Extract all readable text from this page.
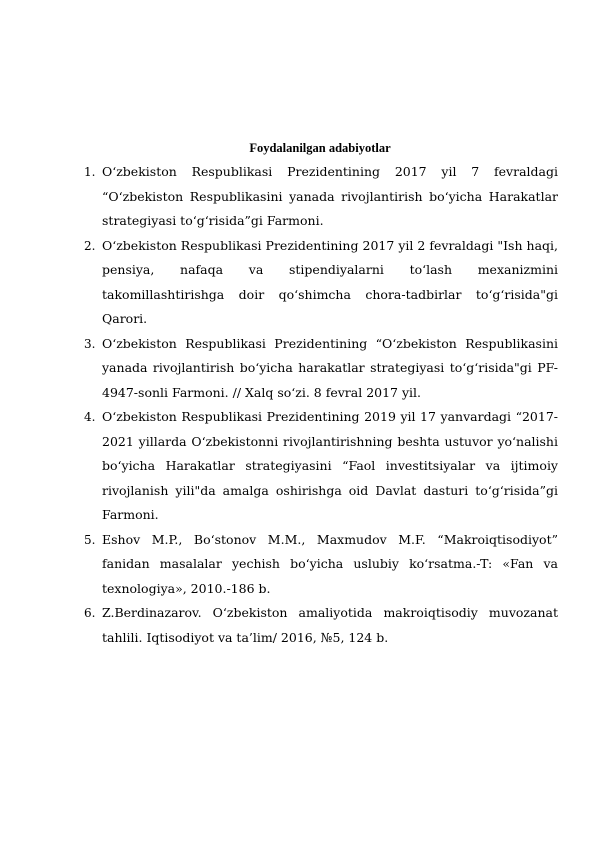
Foydalanilgan adabiyotlar
1. O‘zbekiston Respublikasi Prezidentining 2017 yil 7 fevraldagi “O‘zbekiston Respublikasini yanada rivojlantirish bo‘yicha Harakatlar strategiyasi to‘g‘risida”gi Farmoni.
2. O‘zbekiston Respublikasi Prezidentining 2017 yil 2 fevraldagi "Ish haqi, pensiya, nafaqa va stipendiyalarni to‘lash mexanizmini takomillashtirishga doir qo‘shimcha chora-tadbirlar to‘g‘risida"gi Qarori.
3. O‘zbekiston Respublikasi Prezidentining “O‘zbekiston Respublikasini yanada rivojlantirish bo‘yicha harakatlar strategiyasi to‘g‘risida"gi PF-4947-sonli Farmoni. // Xalq so‘zi. 8 fevral 2017 yil.
4. O‘zbekiston Respublikasi Prezidentining 2019 yil 17 yanvardagi “2017-2021 yillarda O‘zbekistonni rivojlantirishning beshta ustuvor yo‘nalishi bo‘yicha Harakatlar strategiyasini “Faol investitsiyalar va ijtimoiy rivojlanish yili"da amalga oshirishga oid Davlat dasturi to‘g‘risida”gi Farmoni.
5. Eshov M.P., Bo‘stonov M.M., Maxmudov M.F. “Makroiqtisodiyot” fanidan masalalar yechish bo‘yicha uslubiy ko‘rsatma.-T: «Fan va texnologiya», 2010.-186 b.
6. Z.Berdinazarov. O‘zbekiston amaliyotida makroiqtisodiy muvozanat tahlili. Iqtisodiyot va ta’lim/ 2016, №5, 124 b.
